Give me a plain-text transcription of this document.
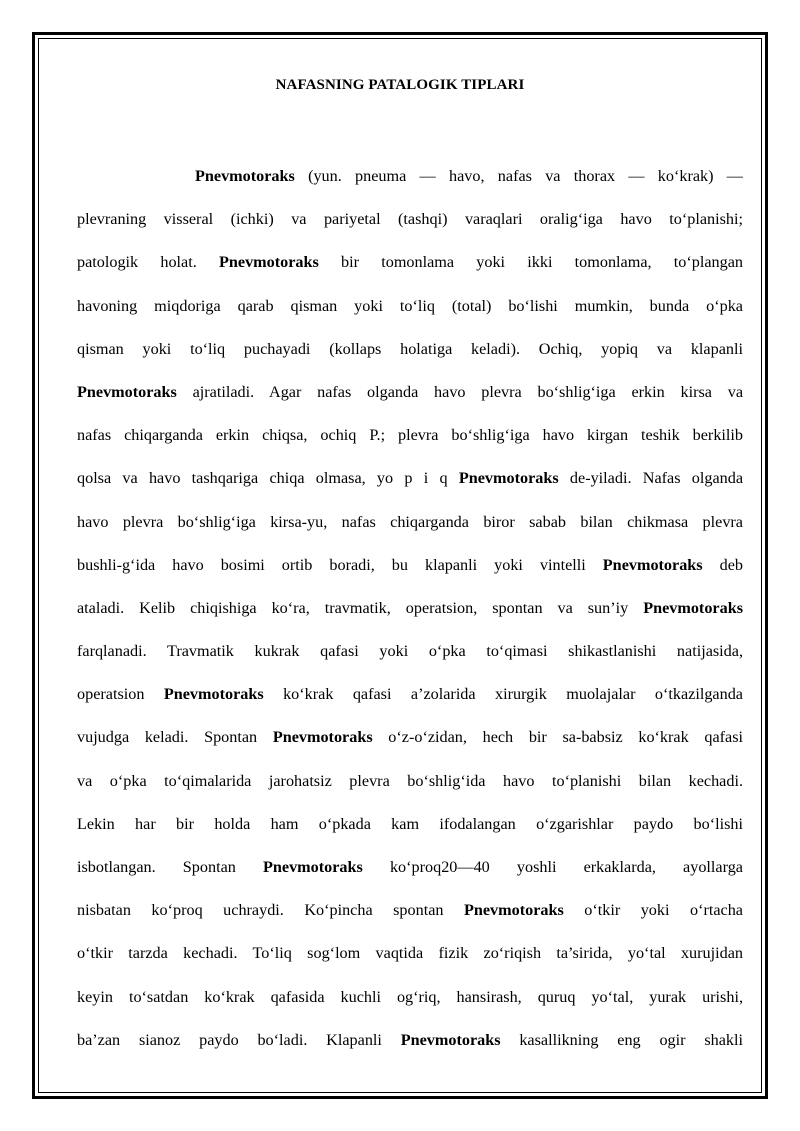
NAFASNING PATALOGIK TIPLARI
Pnevmotoraks (yun. pneuma — havo, nafas va thorax — ko‘krak) —
plevraning visseral (ichki) va pariyetal (tashqi) varaqlari oralig‘iga havo to‘planishi;
patologik holat. Pnevmotoraks bir tomonlama yoki ikki tomonlama, to‘plangan
havoning miqdoriga qarab qisman yoki to‘liq (total) bo‘lishi mumkin, bunda o‘pka
qisman yoki to‘liq puchayadi (kollaps holatiga keladi). Ochiq, yopiq va klapanli
Pnevmotoraks ajratiladi. Agar nafas olganda havo plevra bo‘shlig‘iga erkin kirsa va
nafas chiqarganda erkin chiqsa, ochiq P.; plevra bo‘shlig‘iga havo kirgan teshik berkilib
qolsa va havo tashqariga chiqa olmasa, yo p i q Pnevmotoraks de-yiladi. Nafas olganda
havo plevra bo‘shlig‘iga kirsa-yu, nafas chiqarganda biror sabab bilan chikmasa plevra
bushli-g‘ida havo bosimi ortib boradi, bu klapanli yoki vintelli Pnevmotoraks deb
ataladi. Kelib chiqishiga ko‘ra, travmatik, operatsion, spontan va sun’iy Pnevmotoraks
farqlanadi. Travmatik kukrak qafasi yoki o‘pka to‘qimasi shikastlanishi natijasida,
operatsion Pnevmotoraks ko‘krak qafasi a’zolarida xirurgik muolajalar o‘tkazilganda
vujudga keladi. Spontan Pnevmotoraks o‘z-o‘zidan, hech bir sa-babsiz ko‘krak qafasi
va o‘pka to‘qimalarida jarohatsiz plevra bo‘shlig‘ida havo to‘planishi bilan kechadi.
Lekin har bir holda ham o‘pkada kam ifodalangan o‘zgarishlar paydo bo‘lishi
isbotlangan. Spontan Pnevmotoraks ko‘proq20—40 yoshli erkaklarda, ayollarga
nisbatan ko‘proq uchraydi. Ko‘pincha spontan Pnevmotoraks o‘tkir yoki o‘rtacha
o‘tkir tarzda kechadi. To‘liq sog‘lom vaqtida fizik zo‘riqish ta’sirida, yo‘tal xurujidan
keyin to‘satdan ko‘krak qafasida kuchli og‘riq, hansirash, quruq yo‘tal, yurak urishi,
ba’zan sianoz paydo bo‘ladi. Klapanli Pnevmotoraks kasallikning eng ogir shakli
